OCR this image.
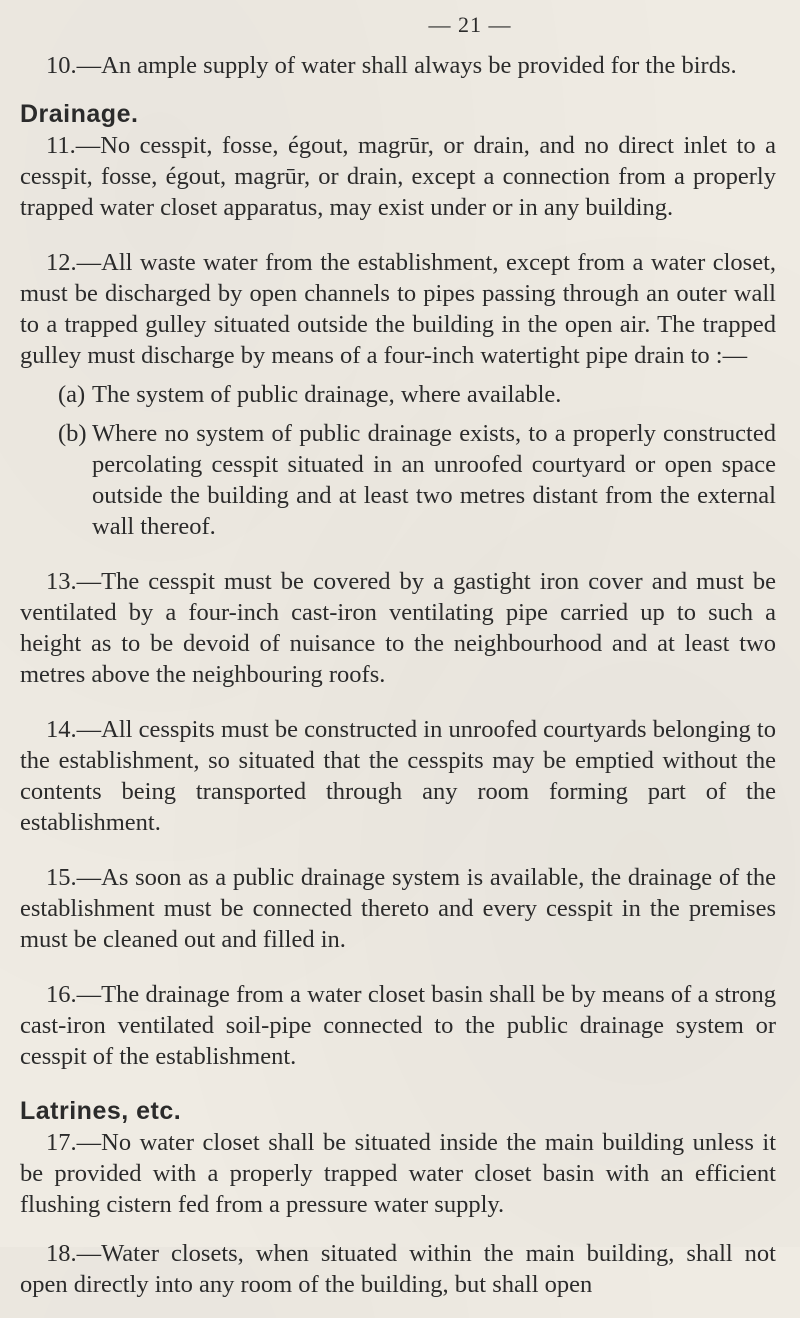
— 21 —

10.—An ample supply of water shall always be provided for the birds.

Drainage.

11.—No cesspit, fosse, égout, magrūr, or drain, and no direct inlet to a cesspit, fosse, égout, magrūr, or drain, except a connection from a properly trapped water closet apparatus, may exist under or in any building.

12.—All waste water from the establishment, except from a water closet, must be discharged by open channels to pipes passing through an outer wall to a trapped gulley situated outside the building in the open air. The trapped gulley must discharge by means of a four-inch watertight pipe drain to :—

(a) The system of public drainage, where available.

(b) Where no system of public drainage exists, to a properly constructed percolating cesspit situated in an unroofed courtyard or open space outside the building and at least two metres distant from the external wall thereof.

13.—The cesspit must be covered by a gastight iron cover and must be ventilated by a four-inch cast-iron ventilating pipe carried up to such a height as to be devoid of nuisance to the neighbourhood and at least two metres above the neighbouring roofs.

14.—All cesspits must be constructed in unroofed courtyards belonging to the establishment, so situated that the cesspits may be emptied without the contents being transported through any room forming part of the establishment.

15.—As soon as a public drainage system is available, the drainage of the establishment must be connected thereto and every cesspit in the premises must be cleaned out and filled in.

16.—The drainage from a water closet basin shall be by means of a strong cast-iron ventilated soil-pipe connected to the public drainage system or cesspit of the establishment.

Latrines, etc.

17.—No water closet shall be situated inside the main building unless it be provided with a properly trapped water closet basin with an efficient flushing cistern fed from a pressure water supply.

18.—Water closets, when situated within the main building, shall not open directly into any room of the building, but shall open
